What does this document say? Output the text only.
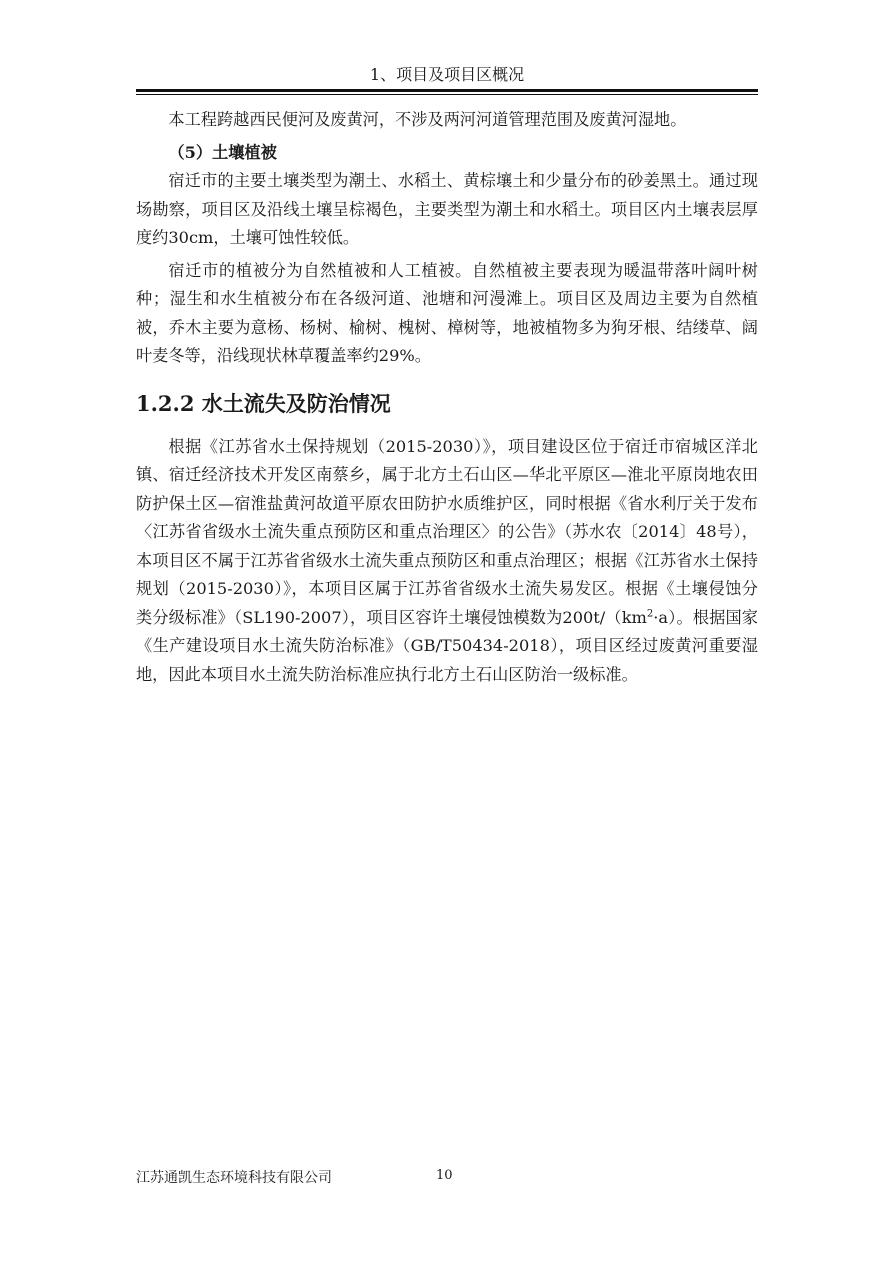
1、项目及项目区概况

本工程跨越西民便河及废黄河，不涉及两河河道管理范围及废黄河湿地。

（5）土壤植被

宿迁市的主要土壤类型为潮土、水稻土、黄棕壤土和少量分布的砂姜黑土。通过现场勘察，项目区及沿线土壤呈棕褐色，主要类型为潮土和水稻土。项目区内土壤表层厚度约30cm，土壤可蚀性较低。

宿迁市的植被分为自然植被和人工植被。自然植被主要表现为暖温带落叶阔叶树种；湿生和水生植被分布在各级河道、池塘和河漫滩上。项目区及周边主要为自然植被，乔木主要为意杨、杨树、榆树、槐树、樟树等，地被植物多为狗牙根、结缕草、阔叶麦冬等，沿线现状林草覆盖率约29%。

1.2.2 水土流失及防治情况

根据《江苏省水土保持规划（2015-2030）》，项目建设区位于宿迁市宿城区洋北镇、宿迁经济技术开发区南蔡乡，属于北方土石山区—华北平原区—淮北平原岗地农田防护保土区—宿淮盐黄河故道平原农田防护水质维护区，同时根据《省水利厅关于发布〈江苏省省级水土流失重点预防区和重点治理区〉的公告》（苏水农〔2014〕48号），本项目区不属于江苏省省级水土流失重点预防区和重点治理区；根据《江苏省水土保持规划（2015-2030）》，本项目区属于江苏省省级水土流失易发区。根据《土壤侵蚀分类分级标准》（SL190-2007），项目区容许土壤侵蚀模数为$200t/(km^2\cdot a)$。根据国家《生产建设项目水土流失防治标准》（GB/T50434-2018），项目区经过废黄河重要湿地，因此本项目水土流失防治标准应执行北方土石山区防治一级标准。

江苏通凯生态环境科技有限公司	10
